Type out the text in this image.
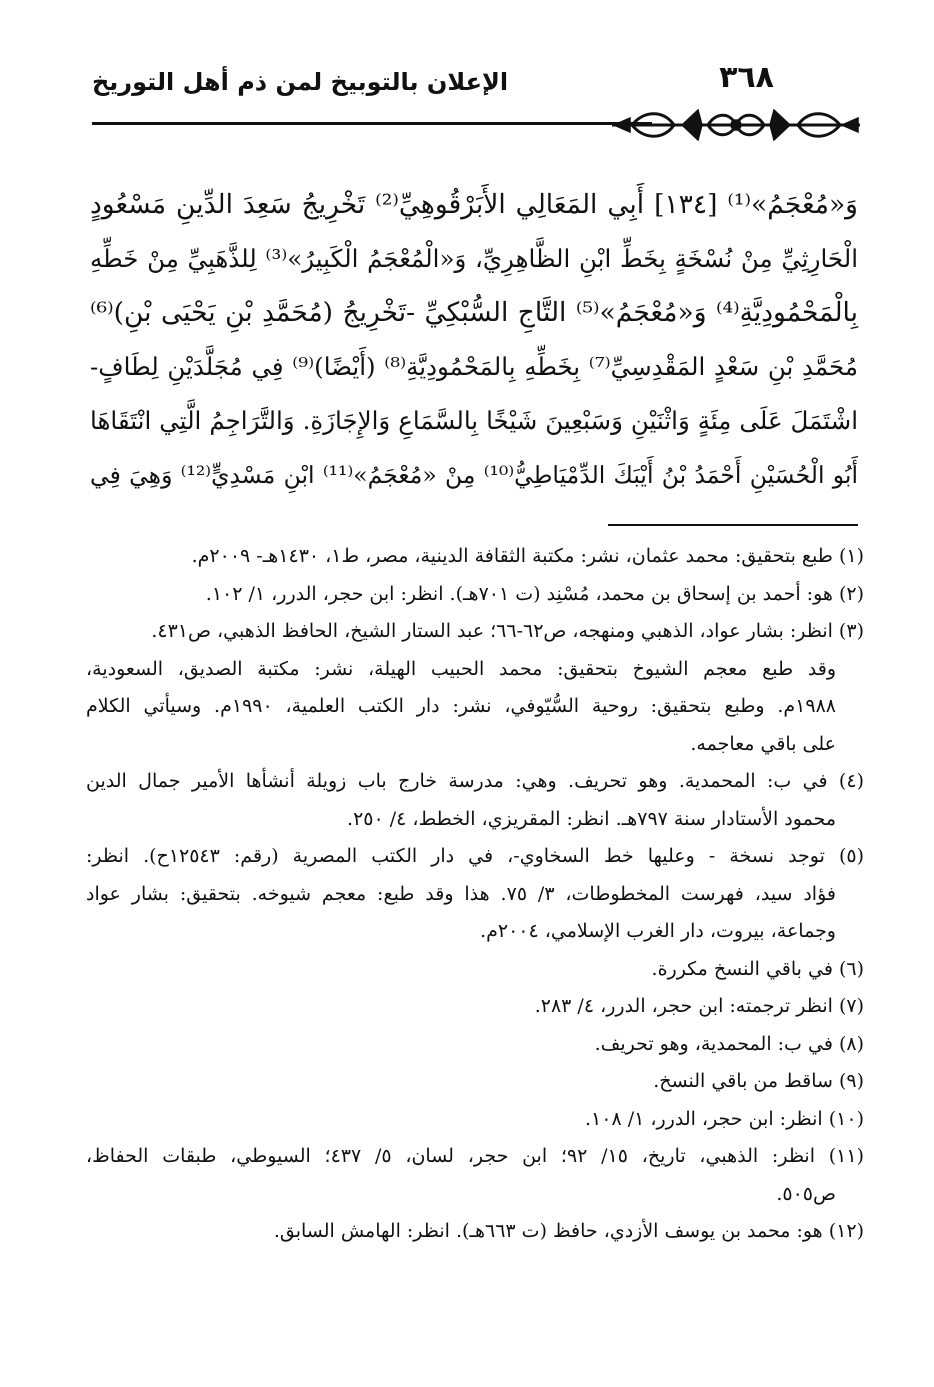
٣٦٨
الإعلان بالتوبيخ لمن ذم أهل التوريخ
وَ«مُعْجَمُ»⁽¹⁾ [١٣٤] أَبِي المَعَالِي الأَبَرْقُوهِيِّ⁽²⁾ تَخْرِيجُ سَعِدَ الدِّينِ مَسْعُودٍ
الْحَارِثِيِّ مِنْ نُسْخَةٍ بِخَطِّ ابْنِ الظَّاهِرِيِّ، وَ«الْمُعْجَمُ الْكَبِيرُ»⁽³⁾ لِلذَّهَبِيِّ مِنْ خَطِّهِ
بِالْمَحْمُودِيَّةِ⁽⁴⁾ وَ«مُعْجَمُ»⁽⁵⁾ التَّاجِ السُّبْكِيِّ -تَخْرِيجُ (مُحَمَّدِ بْنِ يَحْيَى بْنِ)⁽⁶⁾
مُحَمَّدِ بْنِ سَعْدٍ المَقْدِسِيِّ⁽⁷⁾ بِخَطِّهِ بِالمَحْمُودِيَّةِ⁽⁸⁾ (أَيْضًا)⁽⁹⁾ فِي مُجَلَّدَيْنِ لِطَافٍ-
اشْتَمَلَ عَلَى مِئَةٍ وَاثْنَيْنِ وَسَبْعِينَ شَيْخًا بِالسَّمَاعِ وَالإِجَازَةِ. وَالتَّرَاجِمُ الَّتِي انْتَقَاهَا
أَبُو الْحُسَيْنِ أَحْمَدُ بْنُ أَيْبَكَ الدِّمْيَاطِيُّ⁽¹⁰⁾ مِنْ «مُعْجَمُ»⁽¹¹⁾ ابْنِ مَسْدِيٍّ⁽¹²⁾ وَهِيَ فِي
(١) طبع بتحقيق: محمد عثمان، نشر: مكتبة الثقافة الدينية، مصر، ط١، ١٤٣٠هـ- ٢٠٠٩م.
(٢) هو: أحمد بن إسحاق بن محمد، مُسْنِد (ت ٧٠١هـ). انظر: ابن حجر، الدرر، ١/ ١٠٢.
(٣) انظر: بشار عواد، الذهبي ومنهجه، ص٦٢-٦٦؛ عبد الستار الشيخ، الحافظ الذهبي، ص٤٣١.
وقد طبع معجم الشيوخ بتحقيق: محمد الحبيب الهيلة، نشر: مكتبة الصديق، السعودية،
١٩٨٨م. وطبع بتحقيق: روحية السُّيّوفي، نشر: دار الكتب العلمية، ١٩٩٠م. وسيأتي الكلام
على باقي معاجمه.
(٤) في ب: المحمدية. وهو تحريف. وهي: مدرسة خارج باب زويلة أنشأها الأمير جمال الدين
محمود الأستادار سنة ٧٩٧هـ. انظر: المقريزي، الخطط، ٤/ ٢٥٠.
(٥) توجد نسخة - وعليها خط السخاوي-، في دار الكتب المصرية (رقم: ١٢٥٤٣ح). انظر:
فؤاد سيد، فهرست المخطوطات، ٣/ ٧٥. هذا وقد طبع: معجم شيوخه. بتحقيق: بشار عواد
وجماعة، بيروت، دار الغرب الإسلامي، ٢٠٠٤م.
(٦) في باقي النسخ مكررة.
(٧) انظر ترجمته: ابن حجر، الدرر، ٤/ ٢٨٣.
(٨) في ب: المحمدية، وهو تحريف.
(٩) ساقط من باقي النسخ.
(١٠) انظر: ابن حجر، الدرر، ١/ ١٠٨.
(١١) انظر: الذهبي، تاريخ، ١٥/ ٩٢؛ ابن حجر، لسان، ٥/ ٤٣٧؛ السيوطي، طبقات الحفاظ،
ص٥٠٥.
(١٢) هو: محمد بن يوسف الأزدي، حافظ (ت ٦٦٣هـ). انظر: الهامش السابق.
